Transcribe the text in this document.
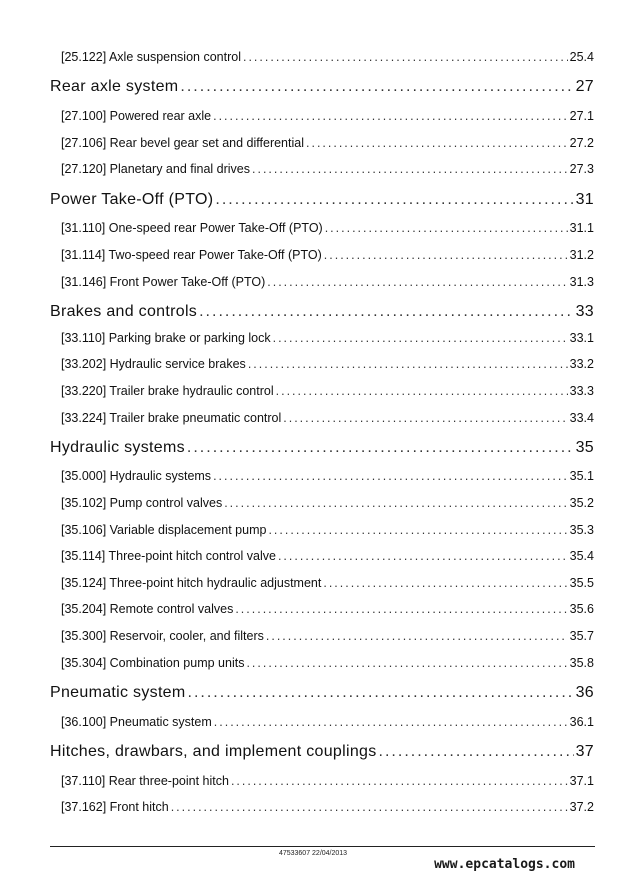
[25.122] Axle suspension control .....	25.4
Rear axle system .....	27
[27.100] Powered rear axle .....	27.1
[27.106] Rear bevel gear set and differential .....	27.2
[27.120] Planetary and final drives .....	27.3
Power Take-Off (PTO) .....	31
[31.110] One-speed rear Power Take-Off (PTO) .....	31.1
[31.114] Two-speed rear Power Take-Off (PTO) .....	31.2
[31.146] Front Power Take-Off (PTO) .....	31.3
Brakes and controls .....	33
[33.110] Parking brake or parking lock .....	33.1
[33.202] Hydraulic service brakes .....	33.2
[33.220] Trailer brake hydraulic control .....	33.3
[33.224] Trailer brake pneumatic control .....	33.4
Hydraulic systems .....	35
[35.000] Hydraulic systems .....	35.1
[35.102] Pump control valves .....	35.2
[35.106] Variable displacement pump .....	35.3
[35.114] Three-point hitch control valve .....	35.4
[35.124] Three-point hitch hydraulic adjustment .....	35.5
[35.204] Remote control valves .....	35.6
[35.300] Reservoir, cooler, and filters .....	35.7
[35.304] Combination pump units .....	35.8
Pneumatic system .....	36
[36.100] Pneumatic system .....	36.1
Hitches, drawbars, and implement couplings .....	37
[37.110] Rear three-point hitch .....	37.1
[37.162] Front hitch .....	37.2
47533607 22/04/2013
www.epcatalogs.com
